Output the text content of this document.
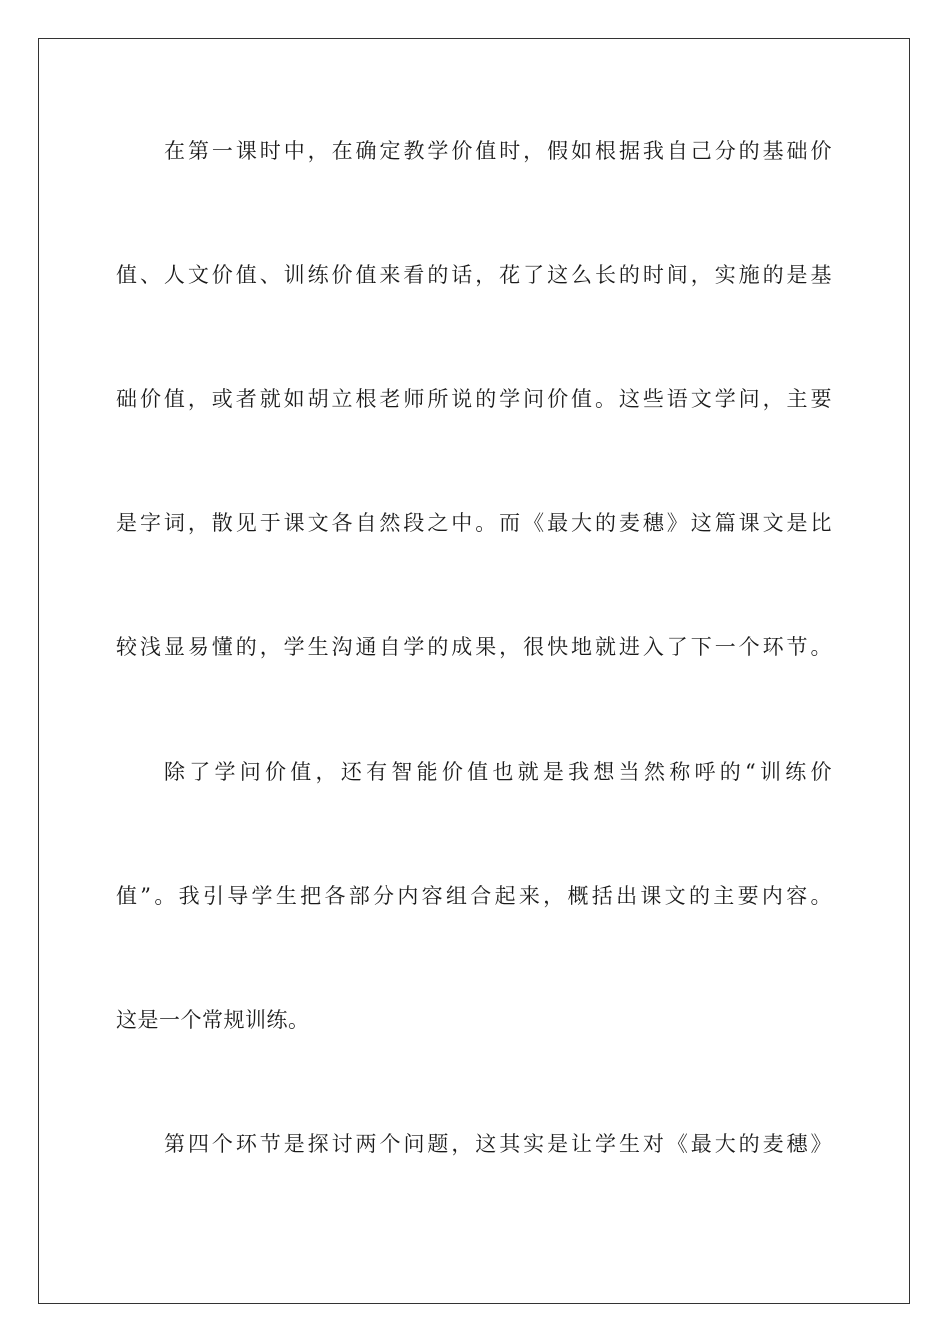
在第一课时中，在确定教学价值时，假如根据我自己分的基础价
值、人文价值、训练价值来看的话，花了这么长的时间，实施的是基
础价值，或者就如胡立根老师所说的学问价值。这些语文学问，主要
是字词，散见于课文各自然段之中。而《最大的麦穗》这篇课文是比
较浅显易懂的，学生沟通自学的成果，很快地就进入了下一个环节。
除了学问价值，还有智能价值也就是我想当然称呼的“训练价
值”。我引导学生把各部分内容组合起来，概括出课文的主要内容。
这是一个常规训练。
第四个环节是探讨两个问题，这其实是让学生对《最大的麦穗》
